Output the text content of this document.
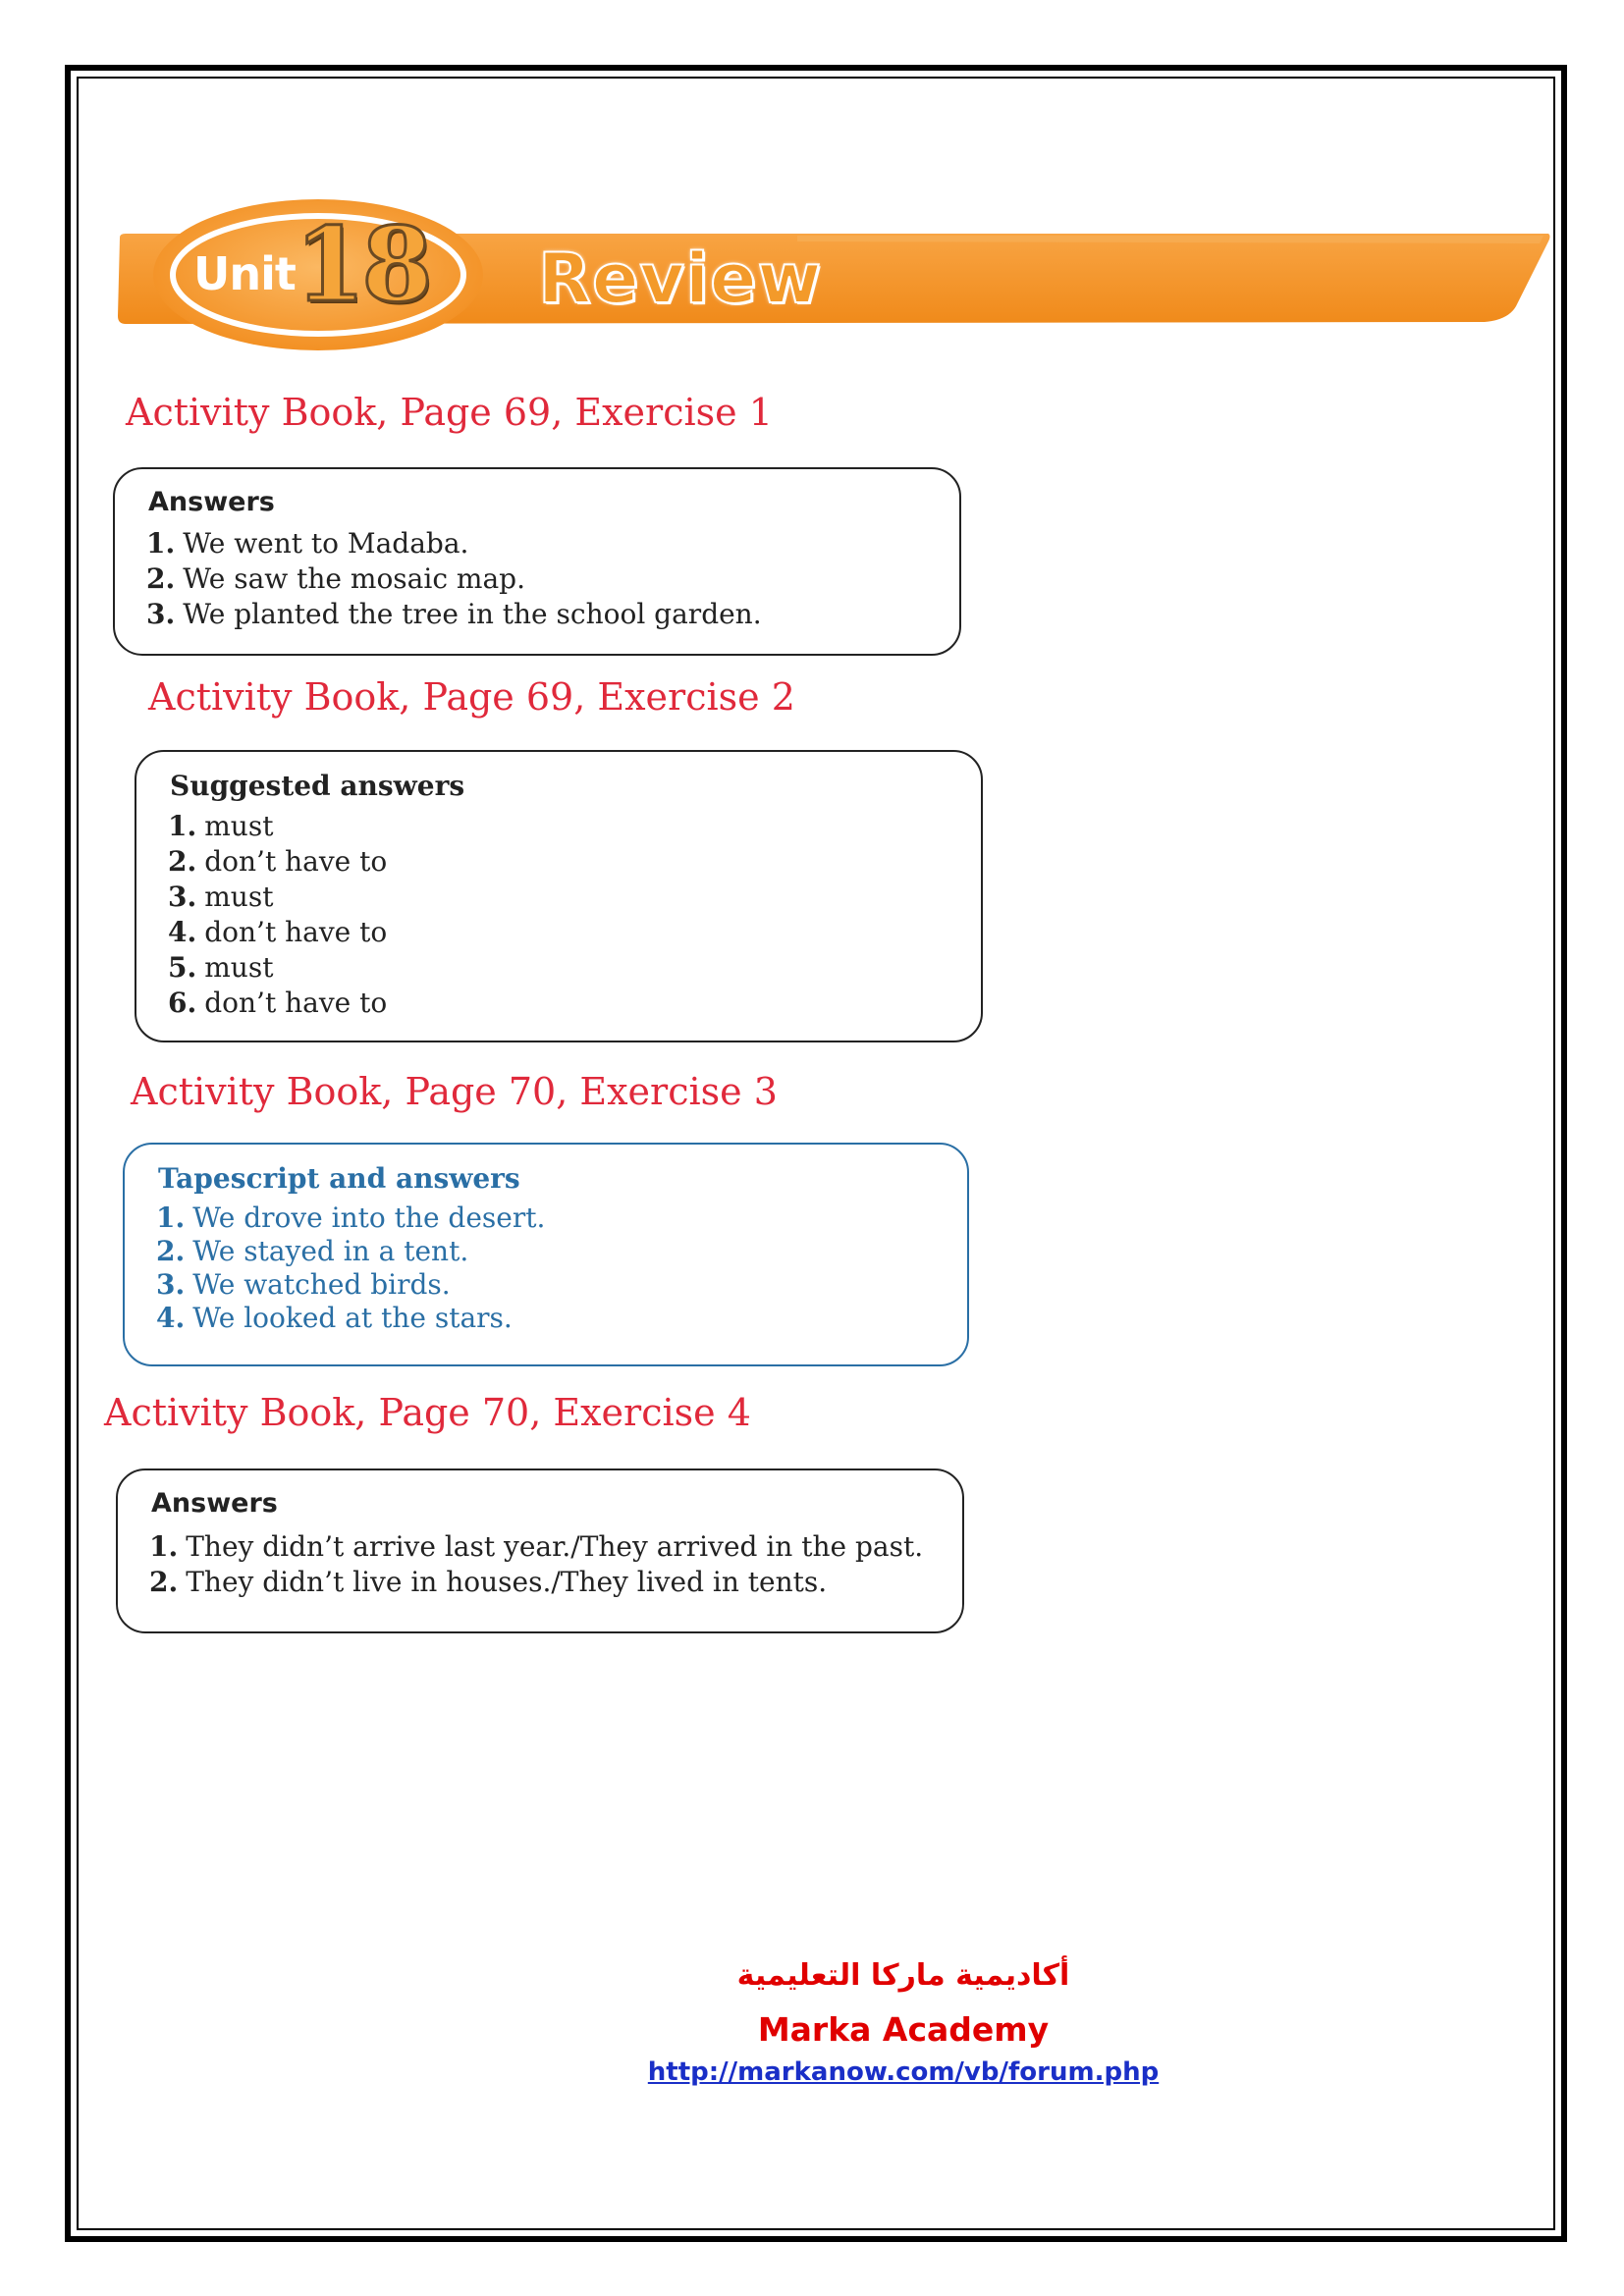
Unit 18 Review
Activity Book, Page 69, Exercise 1
Answers
1. We went to Madaba.
2. We saw the mosaic map.
3. We planted the tree in the school garden.
Activity Book, Page 69, Exercise 2
Suggested answers
1. must
2. don’t have to
3. must
4. don’t have to
5. must
6. don’t have to
Activity Book, Page 70, Exercise 3
Tapescript and answers
1. We drove into the desert.
2. We stayed in a tent.
3. We watched birds.
4. We looked at the stars.
Activity Book, Page 70, Exercise 4
Answers
1. They didn’t arrive last year./They arrived in the past.
2. They didn’t live in houses./They lived in tents.
أكاديمية ماركا التعليمية
Marka Academy
http://markanow.com/vb/forum.php
